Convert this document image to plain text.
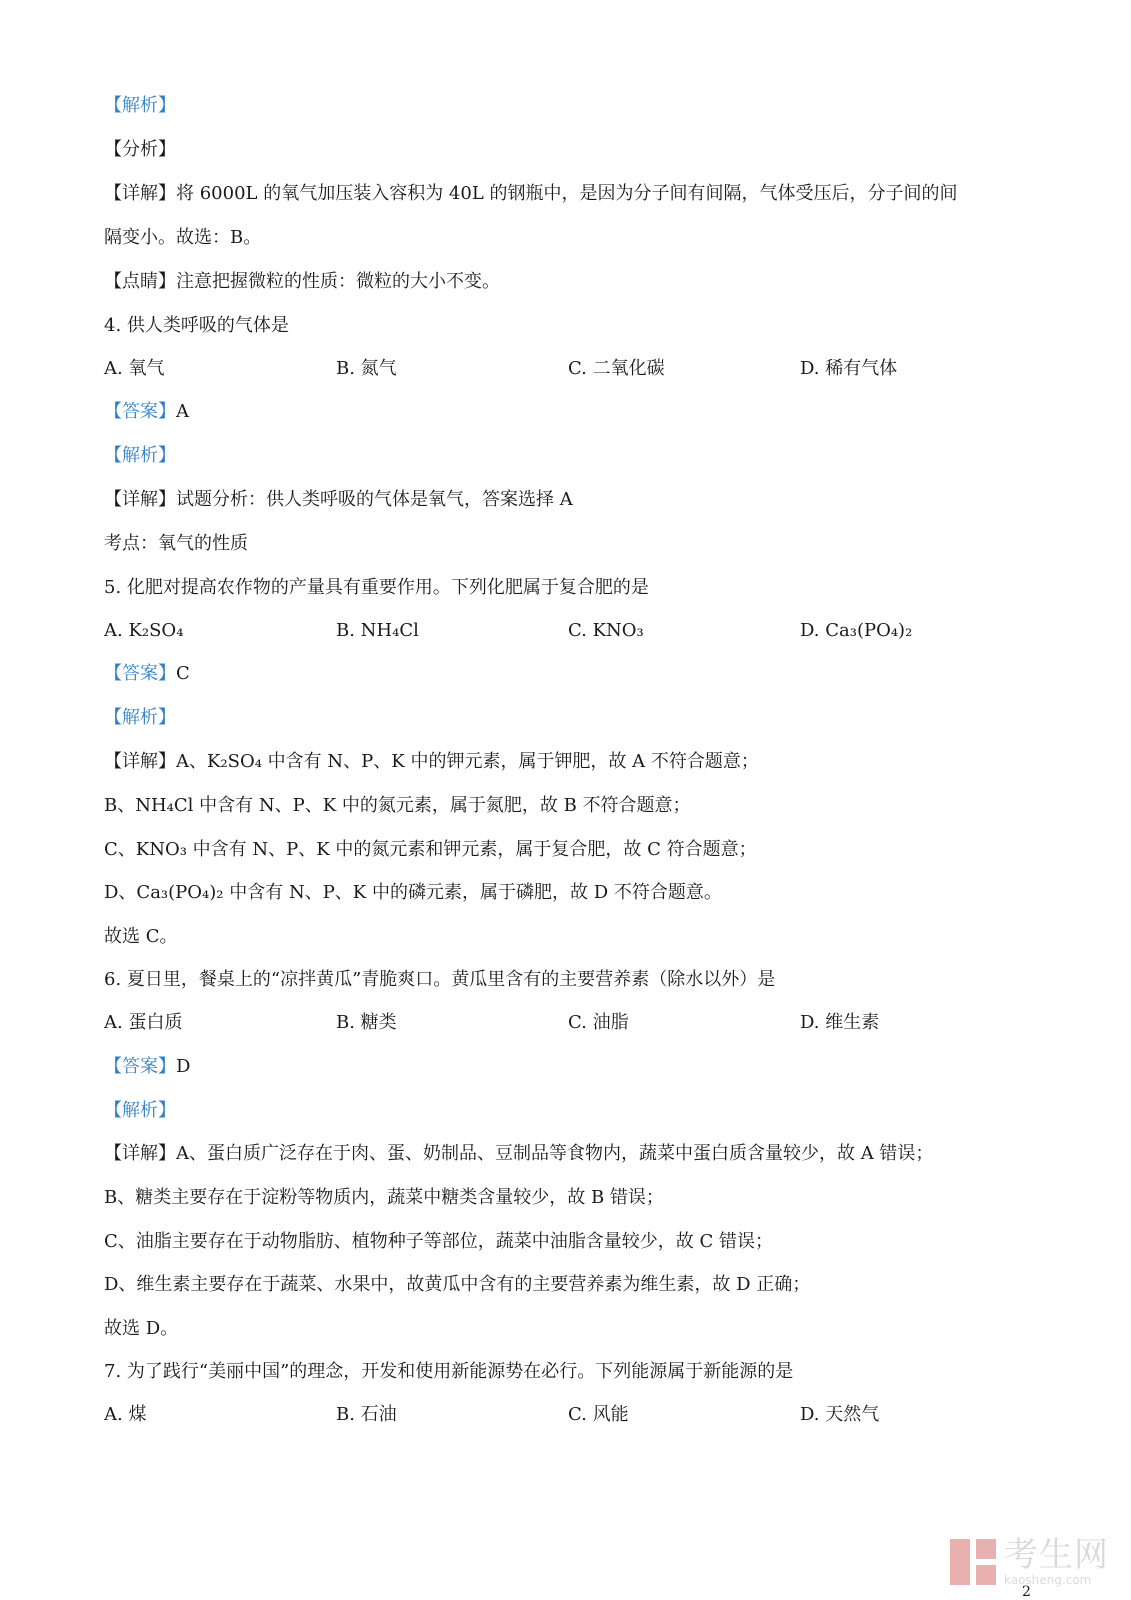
【解析】
【分析】
【详解】将 6000L 的氧气加压装入容积为 40L 的钢瓶中，是因为分子间有间隔，气体受压后，分子间的间
隔变小。故选：B。
【点睛】注意把握微粒的性质：微粒的大小不变。
4. 供人类呼吸的气体是
A. 氧气	B. 氮气	C. 二氧化碳	D. 稀有气体
【答案】A
【解析】
【详解】试题分析：供人类呼吸的气体是氧气，答案选择 A
考点：氧气的性质
5. 化肥对提高农作物的产量具有重要作用。下列化肥属于复合肥的是
A. K₂SO₄	B. NH₄Cl	C. KNO₃	D. Ca₃(PO₄)₂
【答案】C
【解析】
【详解】A、K₂SO₄ 中含有 N、P、K 中的钾元素，属于钾肥，故 A 不符合题意；
B、NH₄Cl 中含有 N、P、K 中的氮元素，属于氮肥，故 B 不符合题意；
C、KNO₃ 中含有 N、P、K 中的氮元素和钾元素，属于复合肥，故 C 符合题意；
D、Ca₃(PO₄)₂ 中含有 N、P、K 中的磷元素，属于磷肥，故 D 不符合题意。
故选 C。
6. 夏日里，餐桌上的“凉拌黄瓜”青脆爽口。黄瓜里含有的主要营养素（除水以外）是
A. 蛋白质	B. 糖类	C. 油脂	D. 维生素
【答案】D
【解析】
【详解】A、蛋白质广泛存在于肉、蛋、奶制品、豆制品等食物内，蔬菜中蛋白质含量较少，故 A 错误；
B、糖类主要存在于淀粉等物质内，蔬菜中糖类含量较少，故 B 错误；
C、油脂主要存在于动物脂肪、植物种子等部位，蔬菜中油脂含量较少，故 C 错误；
D、维生素主要存在于蔬菜、水果中，故黄瓜中含有的主要营养素为维生素，故 D 正确；
故选 D。
7. 为了践行“美丽中国”的理念，开发和使用新能源势在必行。下列能源属于新能源的是
A. 煤	B. 石油	C. 风能	D. 天然气
考生网
kaosheng.com
2
